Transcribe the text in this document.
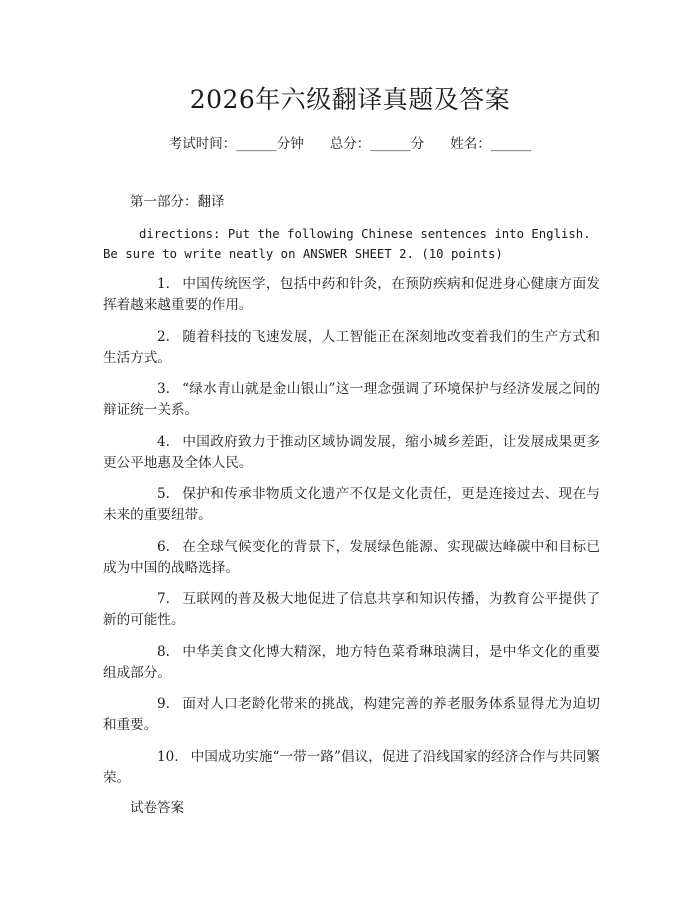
2026年六级翻译真题及答案
考试时间：______分钟 总分：______分 姓名：______
第一部分：翻译
directions: Put the following Chinese sentences into English. Be sure to write neatly on ANSWER SHEET 2. (10 points)
1. 中国传统医学，包括中药和针灸，在预防疾病和促进身心健康方面发挥着越来越重要的作用。
2. 随着科技的飞速发展，人工智能正在深刻地改变着我们的生产方式和生活方式。
3. “绿水青山就是金山银山”这一理念强调了环境保护与经济发展之间的辩证统一关系。
4. 中国政府致力于推动区域协调发展，缩小城乡差距，让发展成果更多更公平地惠及全体人民。
5. 保护和传承非物质文化遗产不仅是文化责任，更是连接过去、现在与未来的重要纽带。
6. 在全球气候变化的背景下，发展绿色能源、实现碳达峰碳中和目标已成为中国的战略选择。
7. 互联网的普及极大地促进了信息共享和知识传播，为教育公平提供了新的可能性。
8. 中华美食文化博大精深，地方特色菜肴琳琅满目，是中华文化的重要组成部分。
9. 面对人口老龄化带来的挑战，构建完善的养老服务体系显得尤为迫切和重要。
10. 中国成功实施“一带一路”倡议，促进了沿线国家的经济合作与共同繁荣。
试卷答案
